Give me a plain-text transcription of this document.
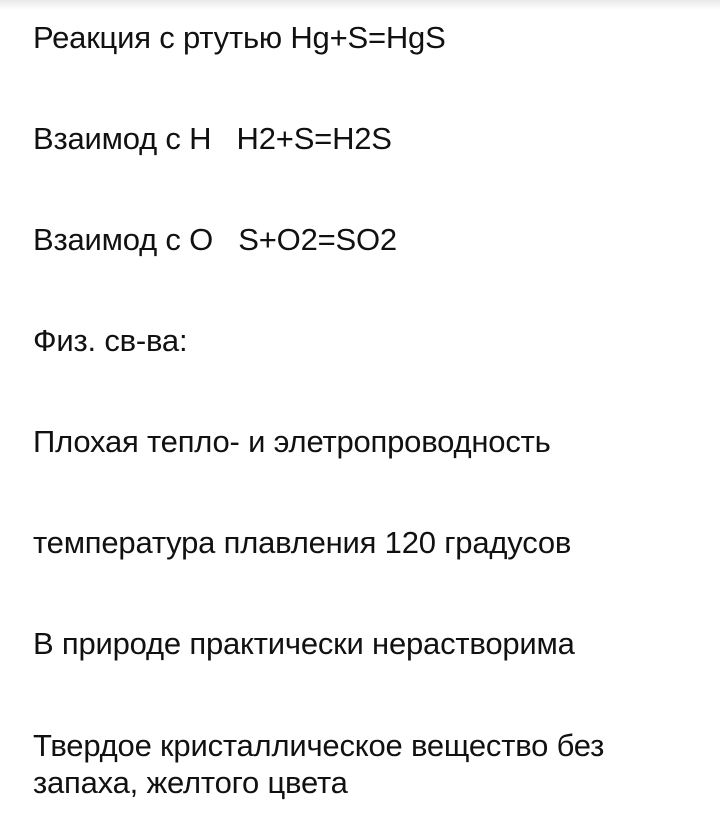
Реакция с ртутью Hg+S=HgS
Взаимод с Н   H2+S=H2S
Взаимод с О   S+O2=SO2
Физ. св-ва:
Плохая тепло- и элетропроводность
температура плавления 120 градусов
В природе практически нерастворима
Твердое кристаллическое вещество без запаха, желтого цвета
